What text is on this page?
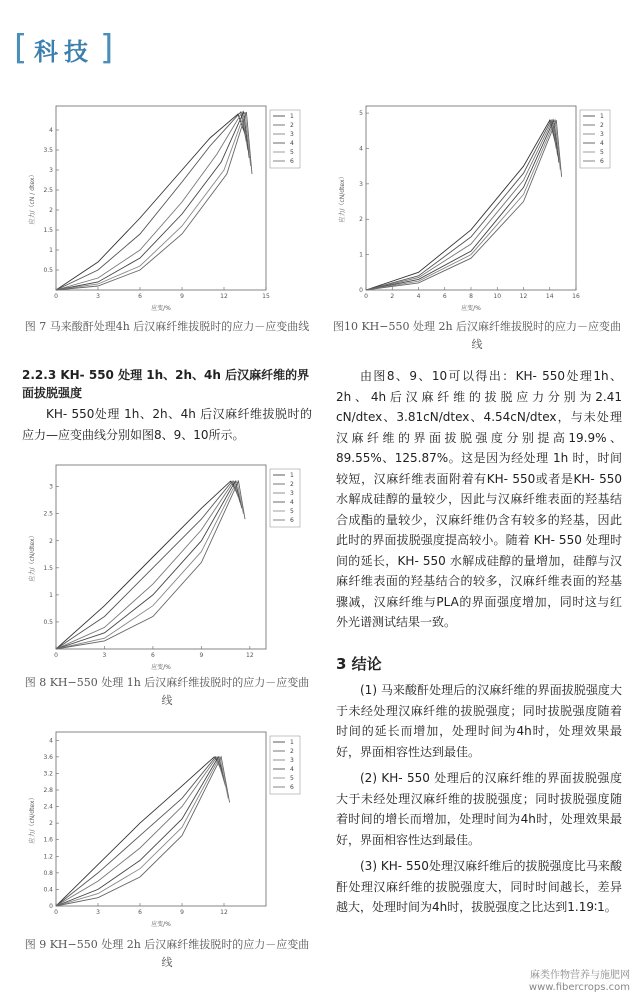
[ 科技 ]
0	3	6	9	12	15
0.5
1
1.5
2
2.5
3
3.5
4
应变/%
应力/（cN / dtex）
1
2
3
4
5
6
图 7 马来酸酐处理4h 后汉麻纤维拔脱时的应力－应变曲线
0	3	6	9	12
0.5
1
1.5
2
2.5
3
应变/%
应力/（cN/dtex）
1
2
3
4
5
6
图 8 KH−550 处理 1h 后汉麻纤维拔脱时的应力－应变曲线
0	3	6	9	12
0
0.4
0.8
1.2
1.6
2
2.4
2.8
3.2
3.6
4
应变/%
应力/（cN/dtex）
1
2
3
4
5
6
图 9 KH−550 处理 2h 后汉麻纤维拔脱时的应力－应变曲线
0	2	4	6	8	10	12	14	16
0
1
2
3
4
5
应变/%
应力/（cN/dtex）
1
2
3
4
5
6
图10 KH−550 处理 2h 后汉麻纤维拔脱时的应力－应变曲线
2.2.3 KH- 550 处理 1h、2h、4h 后汉麻纤维的界面拔脱强度

KH- 550处理 1h、2h、4h 后汉麻纤维拔脱时的应力—应变曲线分别如图8、9、10所示。

由图8、9、10可以得出：KH- 550处理1h、2h、4h后汉麻纤维的拔脱应力分别为2.41 cN/dtex、3.81cN/dtex、4.54cN/dtex，与未处理汉麻纤维的界面拔脱强度分别提高19.9%、89.55%、125.87%。这是因为经处理 1h 时，时间较短，汉麻纤维表面附着有KH- 550或者是KH- 550水解成硅醇的量较少，因此与汉麻纤维表面的羟基结合成酯的量较少，汉麻纤维仍含有较多的羟基，因此此时的界面拔脱强度提高较小。随着 KH- 550 处理时间的延长，KH- 550 水解成硅醇的量增加，硅醇与汉麻纤维表面的羟基结合的较多，汉麻纤维表面的羟基骤减，汉麻纤维与PLA的界面强度增加，同时这与红外光谱测试结果一致。

3 结论

(1) 马来酸酐处理后的汉麻纤维的界面拔脱强度大于未经处理汉麻纤维的拔脱强度；同时拔脱强度随着时间的延长而增加，处理时间为4h时，处理效果最好，界面相容性达到最佳。

(2) KH- 550 处理后的汉麻纤维的界面拔脱强度大于未经处理汉麻纤维的拔脱强度；同时拔脱强度随着时间的增长而增加，处理时间为4h时，处理效果最好，界面相容性达到最佳。

(3) KH- 550处理汉麻纤维后的拔脱强度比马来酸酐处理汉麻纤维的拔脱强度大，同时时间越长，差异越大，处理时间为4h时，拔脱强度之比达到1.19∶1。

麻类作物营养与施肥网
www.fibercrops.com
